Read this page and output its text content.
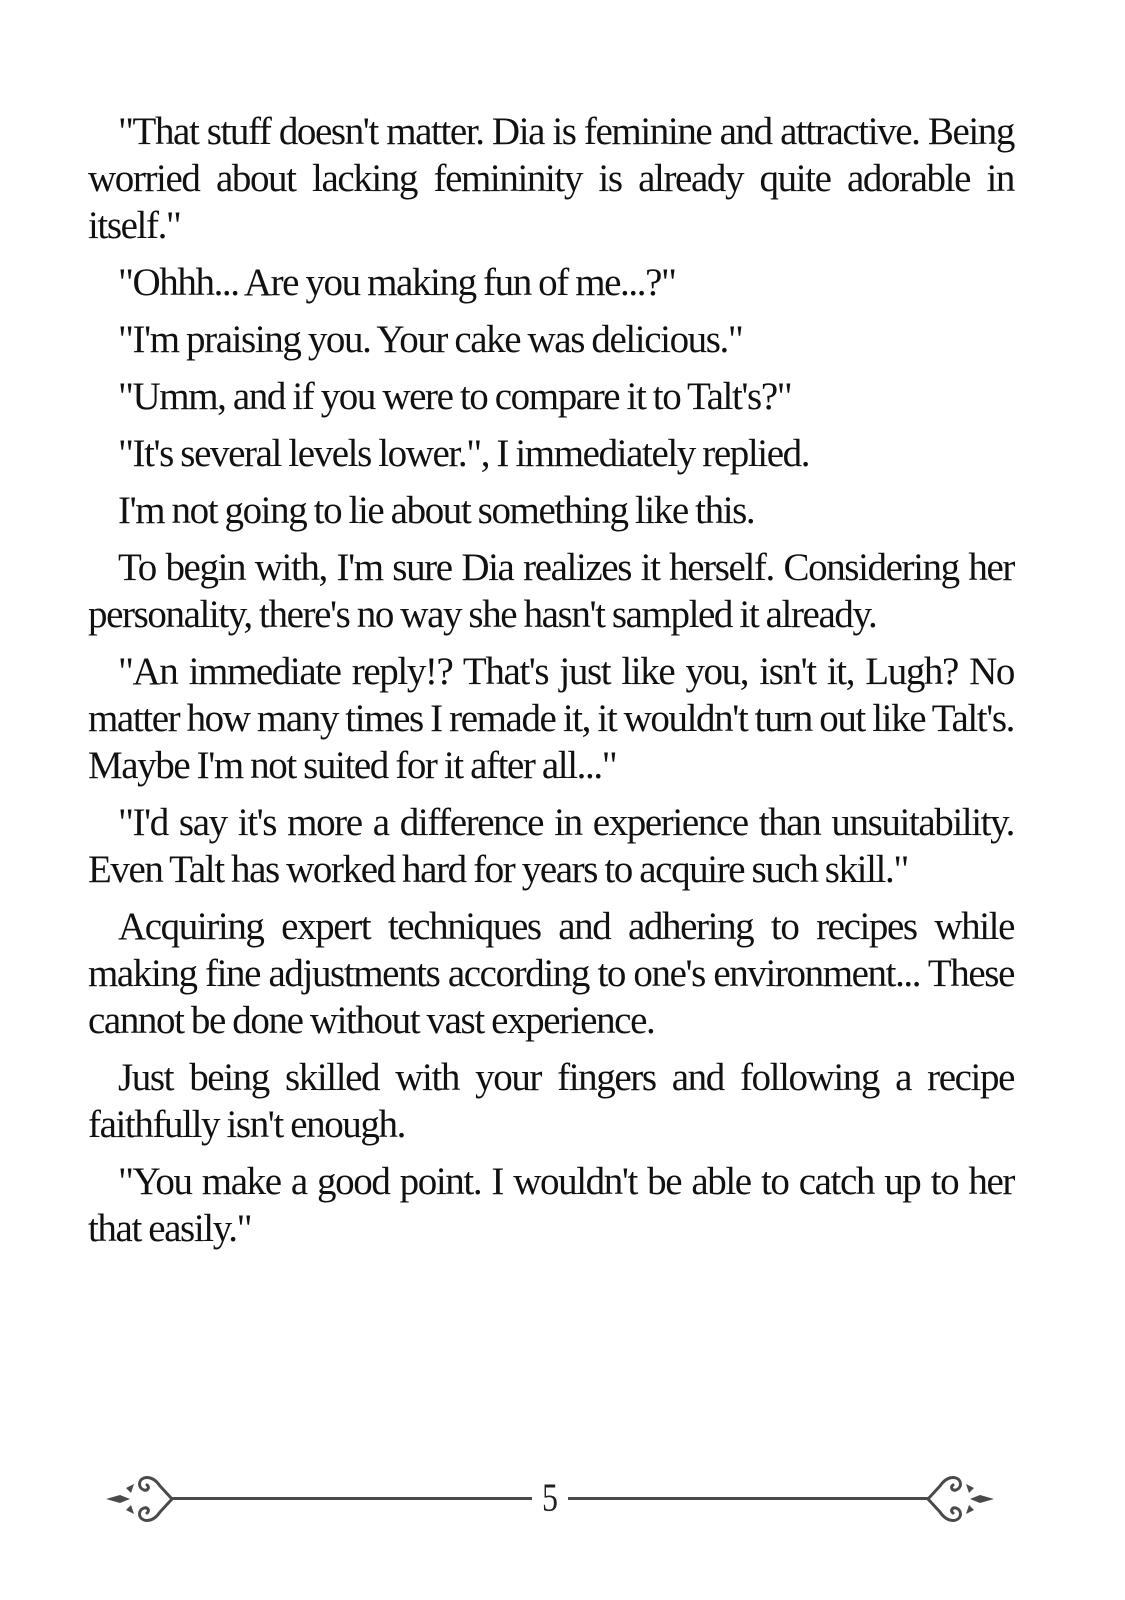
"That stuff doesn't matter. Dia is feminine and attractive. Being worried about lacking femininity is already quite adorable in itself."

"Ohhh... Are you making fun of me...?"

"I'm praising you. Your cake was delicious."

"Umm, and if you were to compare it to Talt's?"

"It's several levels lower.", I immediately replied.

I'm not going to lie about something like this.

To begin with, I'm sure Dia realizes it herself. Considering her personality, there's no way she hasn't sampled it already.

"An immediate reply!? That's just like you, isn't it, Lugh? No matter how many times I remade it, it wouldn't turn out like Talt's. Maybe I'm not suited for it after all..."

"I'd say it's more a difference in experience than unsuitability. Even Talt has worked hard for years to acquire such skill."

Acquiring expert techniques and adhering to recipes while making fine adjustments according to one's environment... These cannot be done without vast experience.

Just being skilled with your fingers and following a recipe faithfully isn't enough.

"You make a good point. I wouldn't be able to catch up to her that easily."

5
